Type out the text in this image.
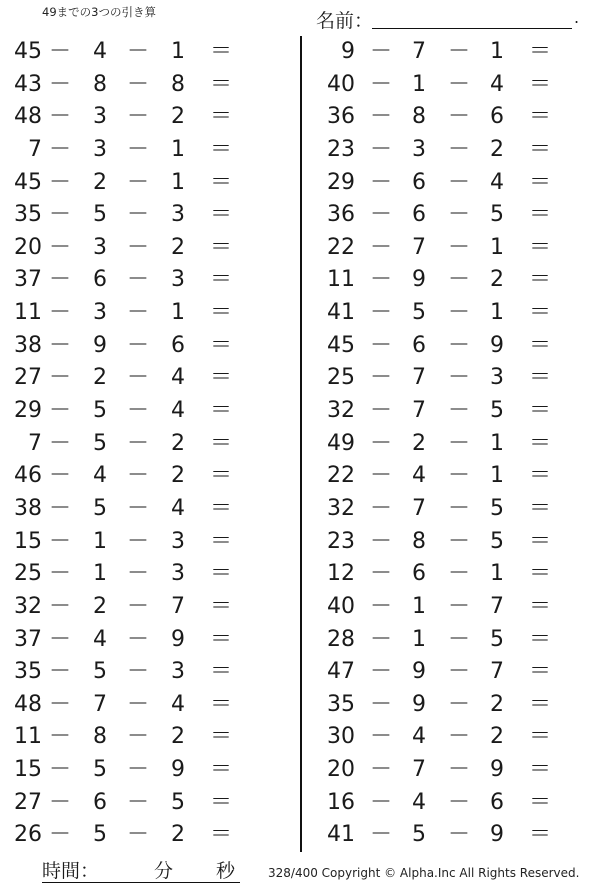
49までの3つの引き算	名前：	.
45 － 4 － 1 ＝
43 － 8 － 8 ＝
48 － 3 － 2 ＝
7 － 3 － 1 ＝
45 － 2 － 1 ＝
35 － 5 － 3 ＝
20 － 3 － 2 ＝
37 － 6 － 3 ＝
11 － 3 － 1 ＝
38 － 9 － 6 ＝
27 － 2 － 4 ＝
29 － 5 － 4 ＝
7 － 5 － 2 ＝
46 － 4 － 2 ＝
38 － 5 － 4 ＝
15 － 1 － 3 ＝
25 － 1 － 3 ＝
32 － 2 － 7 ＝
37 － 4 － 9 ＝
35 － 5 － 3 ＝
48 － 7 － 4 ＝
11 － 8 － 2 ＝
15 － 5 － 9 ＝
27 － 6 － 5 ＝
26 － 5 － 2 ＝
9 － 7 － 1 ＝
40 － 1 － 4 ＝
36 － 8 － 6 ＝
23 － 3 － 2 ＝
29 － 6 － 4 ＝
36 － 6 － 5 ＝
22 － 7 － 1 ＝
11 － 9 － 2 ＝
41 － 5 － 1 ＝
45 － 6 － 9 ＝
25 － 7 － 3 ＝
32 － 7 － 5 ＝
49 － 2 － 1 ＝
22 － 4 － 1 ＝
32 － 7 － 5 ＝
23 － 8 － 5 ＝
12 － 6 － 1 ＝
40 － 1 － 7 ＝
28 － 1 － 5 ＝
47 － 9 － 7 ＝
35 － 9 － 2 ＝
30 － 4 － 2 ＝
20 － 7 － 9 ＝
16 － 4 － 6 ＝
41 － 5 － 9 ＝
時間：	分 秒	328/400 Copyright © Alpha.Inc All Rights Reserved.
